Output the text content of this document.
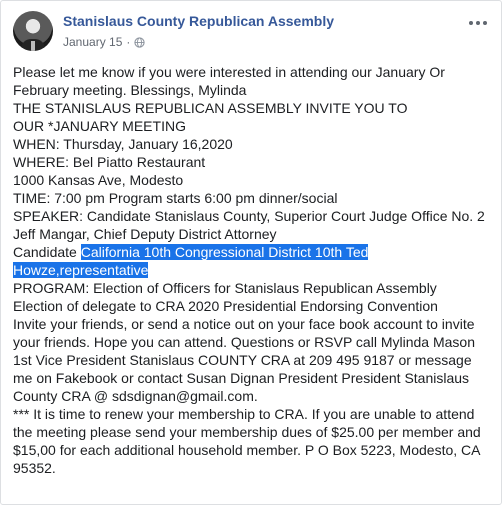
Stanislaus County Republican Assembly
January 15 ·
Please let me know if you were interested in attending our January Or
February meeting. Blessings, Mylinda
THE STANISLAUS REPUBLICAN ASSEMBLY INVITE YOU TO
OUR *JANUARY MEETING
WHEN: Thursday, January 16,2020
WHERE: Bel Piatto Restaurant
1000 Kansas Ave, Modesto
TIME: 7:00 pm Program starts 6:00 pm dinner/social
SPEAKER: Candidate Stanislaus County, Superior Court Judge Office No. 2
Jeff Mangar, Chief Deputy District Attorney
Candidate California 10th Congressional District 10th Ted
Howze,representative
PROGRAM: Election of Officers for Stanislaus Republican Assembly
Election of delegate to CRA 2020 Presidential Endorsing Convention
Invite your friends, or send a notice out on your face book account to invite
your friends. Hope you can attend. Questions or RSVP call Mylinda Mason
1st Vice President Stanislaus COUNTY CRA at 209 495 9187 or message
me on Fakebook or contact Susan Dignan President President Stanislaus
County CRA @ sdsdignan@gmail.com.
*** It is time to renew your membership to CRA. If you are unable to attend
the meeting please send your membership dues of $25.00 per member and
$15,00 for each additional household member. P O Box 5223, Modesto, CA
95352.
